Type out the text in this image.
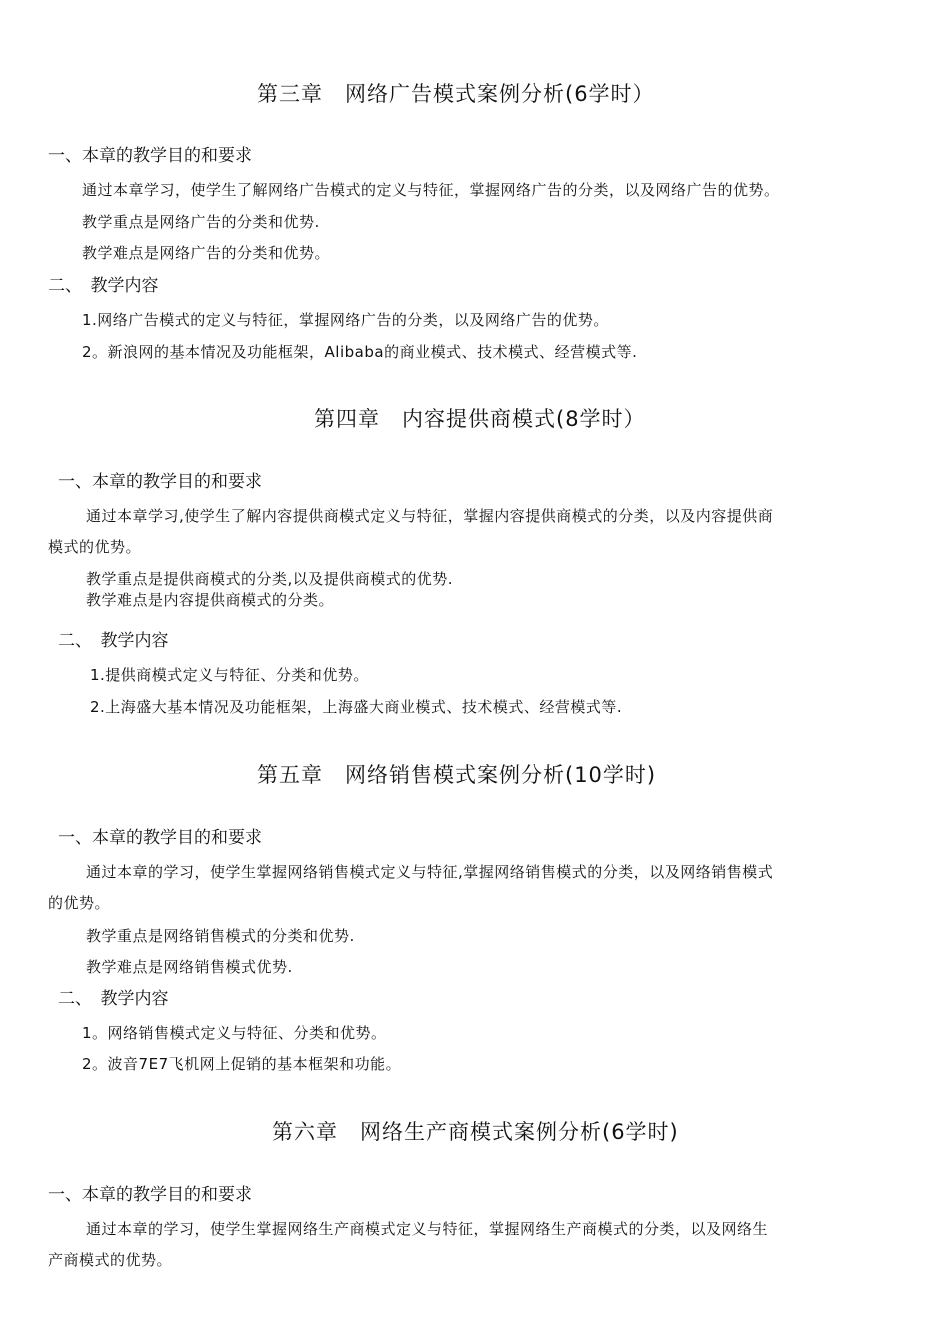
第三章　网络广告模式案例分析(6学时）
一、本章的教学目的和要求
通过本章学习，使学生了解网络广告模式的定义与特征，掌握网络广告的分类，以及网络广告的优势。
教学重点是网络广告的分类和优势.
教学难点是网络广告的分类和优势。
二、　教学内容
1.网络广告模式的定义与特征，掌握网络广告的分类，以及网络广告的优势。
2。新浪网的基本情况及功能框架，Alibaba的商业模式、技术模式、经营模式等.
第四章　内容提供商模式(8学时）
一、本章的教学目的和要求
通过本章学习,使学生了解内容提供商模式定义与特征，掌握内容提供商模式的分类，以及内容提供商
模式的优势。
教学重点是提供商模式的分类,以及提供商模式的优势.
教学难点是内容提供商模式的分类。
二、　教学内容
1.提供商模式定义与特征、分类和优势。
2.上海盛大基本情况及功能框架，上海盛大商业模式、技术模式、经营模式等.
第五章　网络销售模式案例分析(10学时)
一、本章的教学目的和要求
通过本章的学习，使学生掌握网络销售模式定义与特征,掌握网络销售模式的分类，以及网络销售模式
的优势。
教学重点是网络销售模式的分类和优势.
教学难点是网络销售模式优势.
二、　教学内容
1。网络销售模式定义与特征、分类和优势。
2。波音7E7飞机网上促销的基本框架和功能。
第六章　网络生产商模式案例分析(6学时)
一、本章的教学目的和要求
通过本章的学习，使学生掌握网络生产商模式定义与特征，掌握网络生产商模式的分类，以及网络生
产商模式的优势。
